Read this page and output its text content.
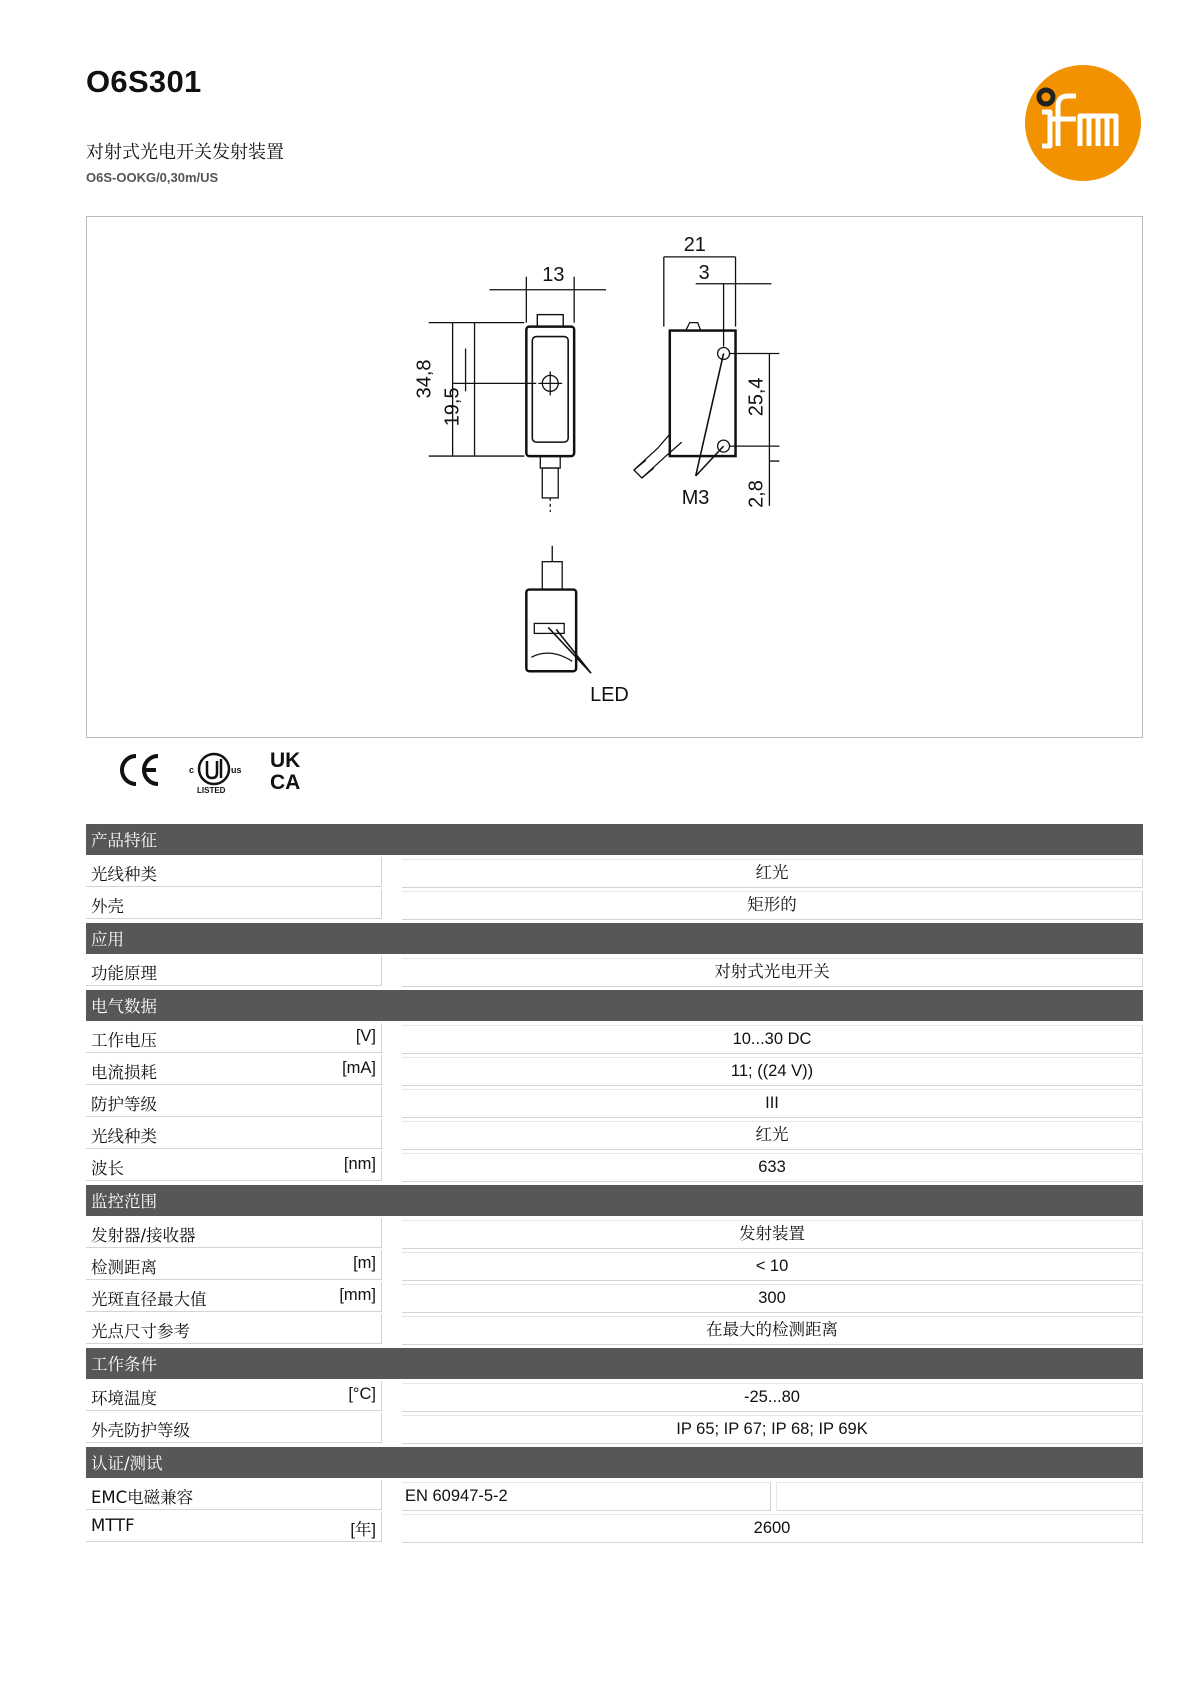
O6S301
对射式光电开关发射装置
O6S-OOKG/0,30m/US
13
21
3
34,8
19,5	25,4
2,8
M3
LED
c	us
LISTED
UK
CA
产品特征
光线种类	红光
外壳	矩形的
应用
功能原理	对射式光电开关
电气数据
工作电压	[V]	10...30 DC
电流损耗	[mA]	11; ((24 V))
防护等级	III
光线种类	红光
波长	[nm]	633
监控范围
发射器/接收器	发射装置
检测距离	[m]	< 10
光斑直径最大值	[mm]	300
光点尺寸参考	在最大的检测距离
工作条件
环境温度	[°C]	-25...80
外壳防护等级	IP 65; IP 67; IP 68; IP 69K
认证/测试
EMC电磁兼容	EN 60947-5-2
MTTF	[年]	2600
